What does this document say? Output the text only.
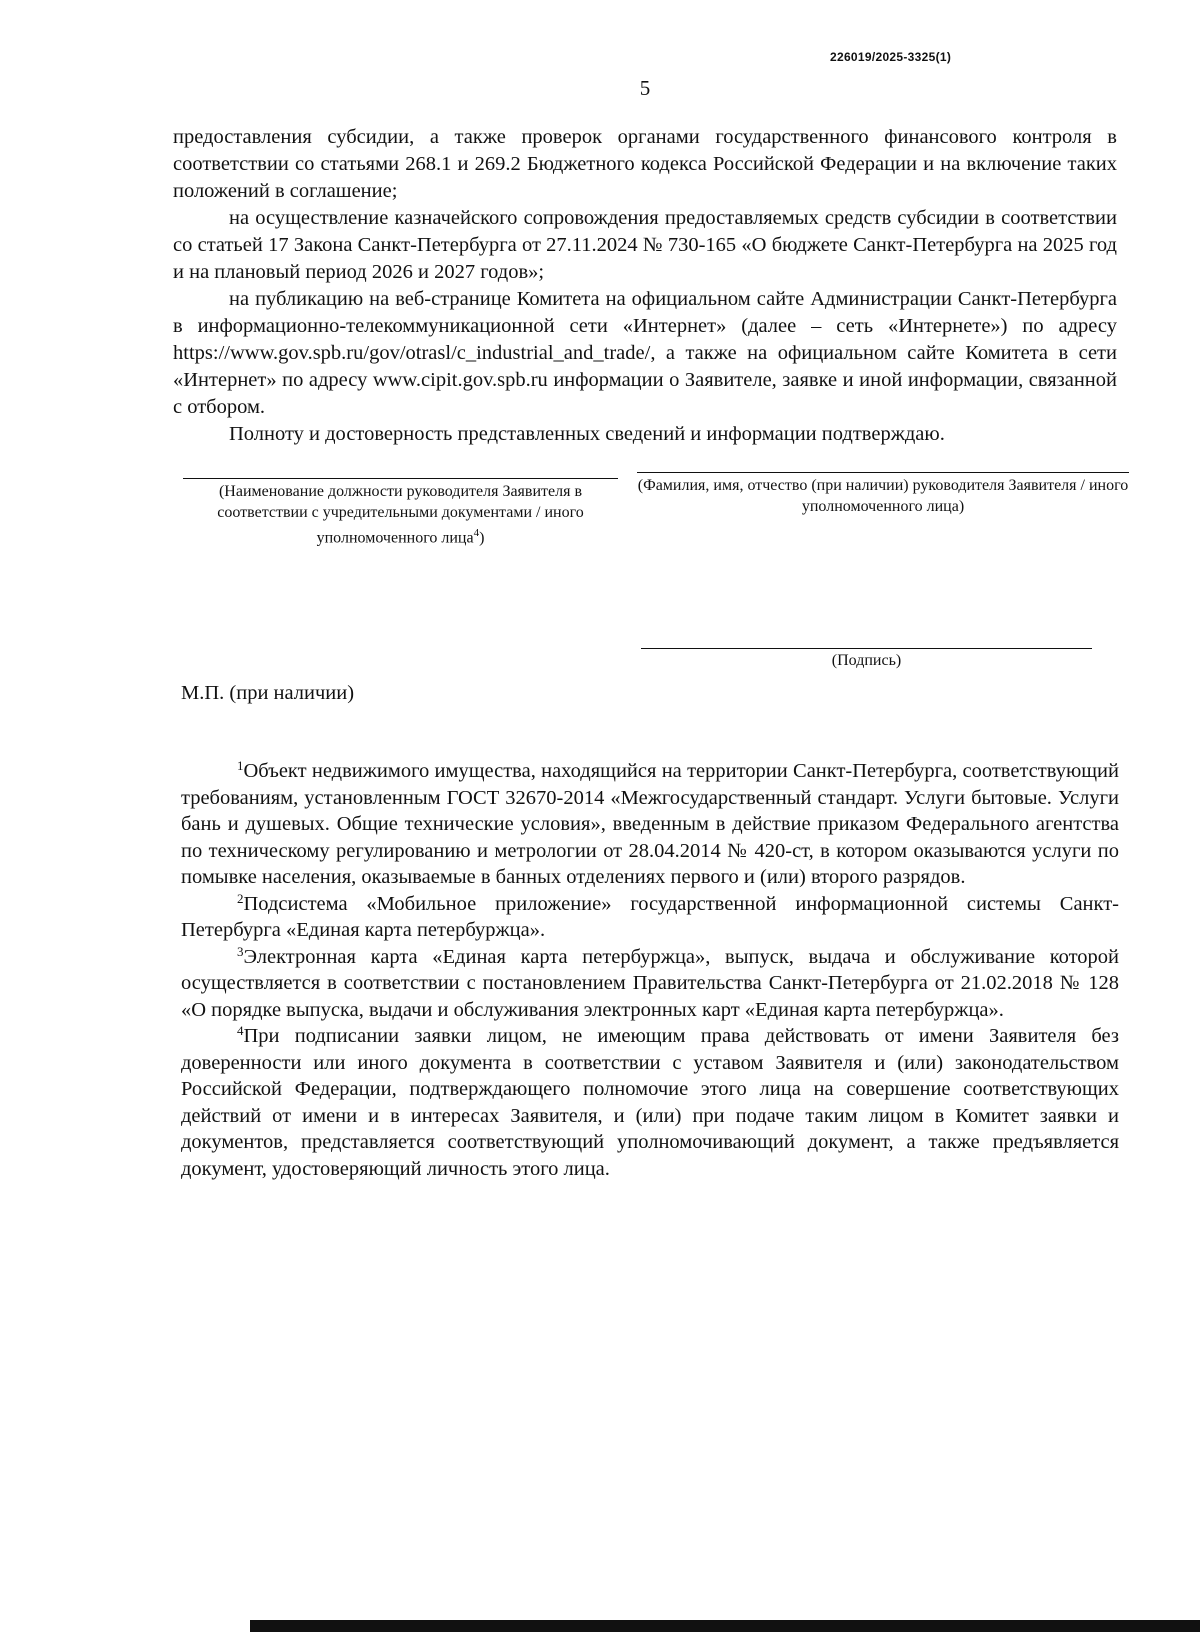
226019/2025-3325(1)
5

предоставления субсидии, а также проверок органами государственного финансового контроля в соответствии со статьями 268.1 и 269.2 Бюджетного кодекса Российской Федерации и на включение таких положений в соглашение;

на осуществление казначейского сопровождения предоставляемых средств субсидии в соответствии со статьей 17 Закона Санкт-Петербурга от 27.11.2024 № 730-165 «О бюджете Санкт-Петербурга на 2025 год и на плановый период 2026 и 2027 годов»;

на публикацию на веб-странице Комитета на официальном сайте Администрации Санкт-Петербурга в информационно-телекоммуникационной сети «Интернет» (далее – сеть «Интернете») по адресу https://www.gov.spb.ru/gov/otrasl/c_industrial_and_trade/, а также на официальном сайте Комитета в сети «Интернет» по адресу www.cipit.gov.spb.ru информации о Заявителе, заявке и иной информации, связанной с отбором.

Полноту и достоверность представленных сведений и информации подтверждаю.

(Наименование должности руководителя Заявителя в соответствии с учредительными документами / иного уполномоченного лица$^4$)
(Фамилия, имя, отчество (при наличии) руководителя Заявителя / иного уполномоченного лица)
(Подпись)
М.П. (при наличии)

$^1$Объект недвижимого имущества, находящийся на территории Санкт-Петербурга, соответствующий требованиям, установленным ГОСТ 32670-2014 «Межгосударственный стандарт. Услуги бытовые. Услуги бань и душевых. Общие технические условия», введенным в действие приказом Федерального агентства по техническому регулированию и метрологии от 28.04.2014 № 420-ст, в котором оказываются услуги по помывке населения, оказываемые в банных отделениях первого и (или) второго разрядов.

$^2$Подсистема «Мобильное приложение» государственной информационной системы Санкт-Петербурга «Единая карта петербуржца».

$^3$Электронная карта «Единая карта петербуржца», выпуск, выдача и обслуживание которой осуществляется в соответствии с постановлением Правительства Санкт-Петербурга от 21.02.2018 № 128 «О порядке выпуска, выдачи и обслуживания электронных карт «Единая карта петербуржца».

$^4$При подписании заявки лицом, не имеющим права действовать от имени Заявителя без доверенности или иного документа в соответствии с уставом Заявителя и (или) законодательством Российской Федерации, подтверждающего полномочие этого лица на совершение соответствующих действий от имени и в интересах Заявителя, и (или) при подаче таким лицом в Комитет заявки и документов, представляется соответствующий уполномочивающий документ, а также предъявляется документ, удостоверяющий личность этого лица.
